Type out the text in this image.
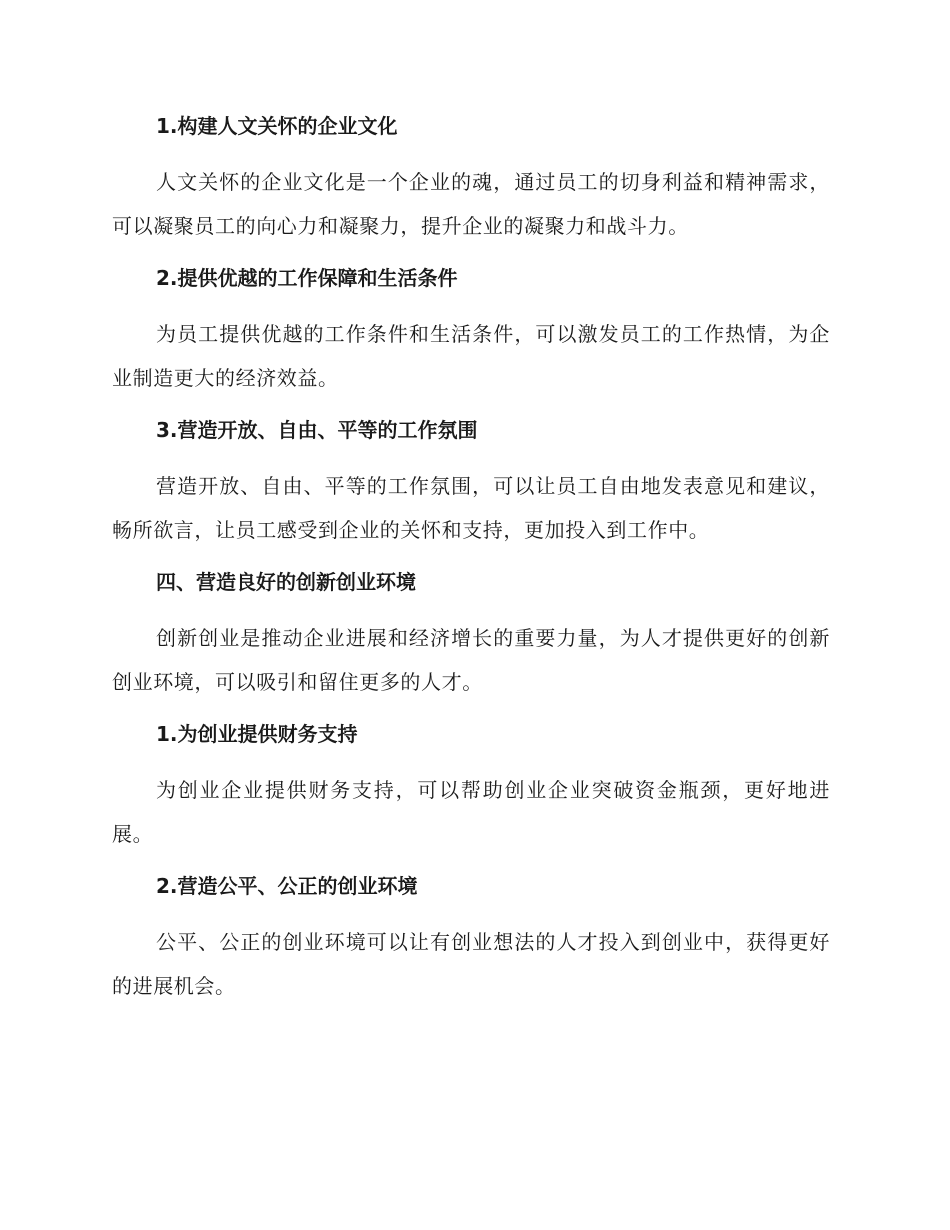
1.构建人文关怀的企业文化

人文关怀的企业文化是一个企业的魂，通过员工的切身利益和精神需求，可以凝聚员工的向心力和凝聚力，提升企业的凝聚力和战斗力。

2.提供优越的工作保障和生活条件

为员工提供优越的工作条件和生活条件，可以激发员工的工作热情，为企业制造更大的经济效益。

3.营造开放、自由、平等的工作氛围

营造开放、自由、平等的工作氛围，可以让员工自由地发表意见和建议，畅所欲言，让员工感受到企业的关怀和支持，更加投入到工作中。

四、营造良好的创新创业环境

创新创业是推动企业进展和经济增长的重要力量，为人才提供更好的创新创业环境，可以吸引和留住更多的人才。

1.为创业提供财务支持

为创业企业提供财务支持，可以帮助创业企业突破资金瓶颈，更好地进展。

2.营造公平、公正的创业环境

公平、公正的创业环境可以让有创业想法的人才投入到创业中，获得更好的进展机会。
